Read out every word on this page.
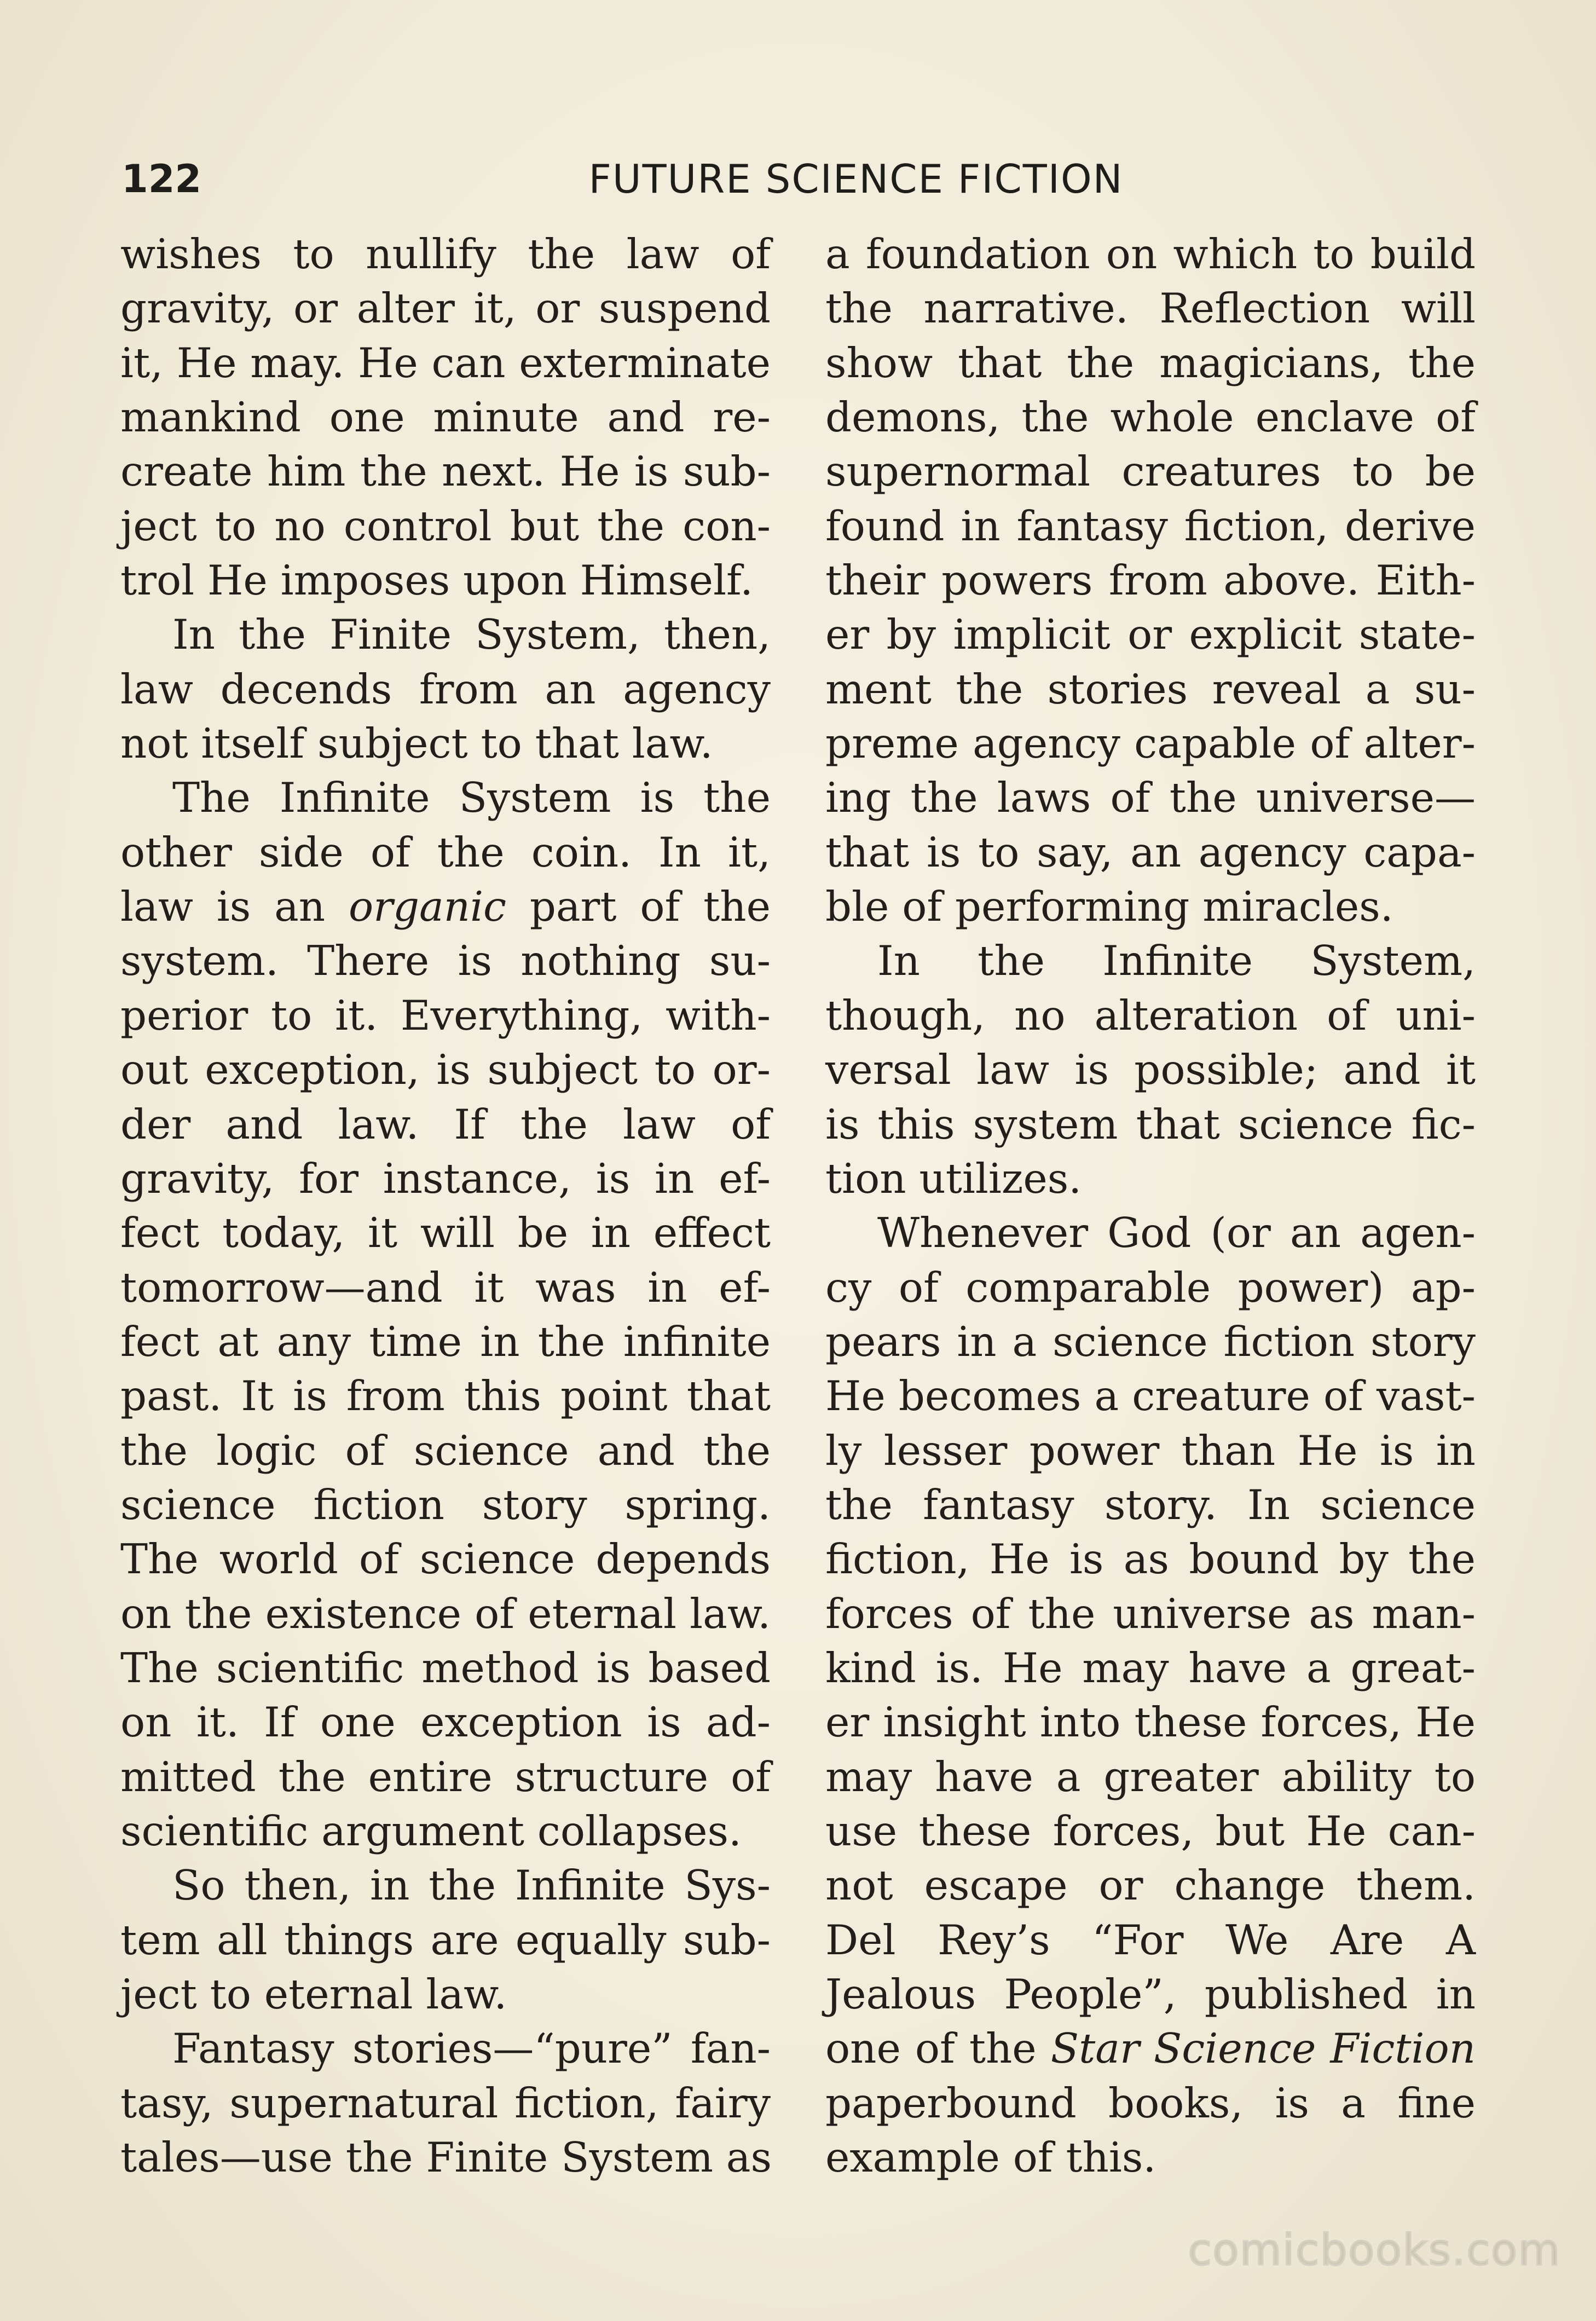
122	FUTURE SCIENCE FICTION
wishes to nullify the law of
gravity, or alter it, or suspend
it, He may. He can exterminate
mankind one minute and re-
create him the next. He is sub-
ject to no control but the con-
trol He imposes upon Himself.
In the Finite System, then,
law decends from an agency
not itself subject to that law.
The Infinite System is the
other side of the coin. In it,
law is an organic part of the
system. There is nothing su-
perior to it. Everything, with-
out exception, is subject to or-
der and law. If the law of
gravity, for instance, is in ef-
fect today, it will be in effect
tomorrow—and it was in ef-
fect at any time in the infinite
past. It is from this point that
the logic of science and the
science fiction story spring.
The world of science depends
on the existence of eternal law.
The scientific method is based
on it. If one exception is ad-
mitted the entire structure of
scientific argument collapses.
So then, in the Infinite Sys-
tem all things are equally sub-
ject to eternal law.
Fantasy stories—“pure” fan-
tasy, supernatural fiction, fairy
tales—use the Finite System as
a foundation on which to build
the narrative. Reflection will
show that the magicians, the
demons, the whole enclave of
supernormal creatures to be
found in fantasy fiction, derive
their powers from above. Eith-
er by implicit or explicit state-
ment the stories reveal a su-
preme agency capable of alter-
ing the laws of the universe—
that is to say, an agency capa-
ble of performing miracles.
In the Infinite System,
though, no alteration of uni-
versal law is possible; and it
is this system that science fic-
tion utilizes.
Whenever God (or an agen-
cy of comparable power) ap-
pears in a science fiction story
He becomes a creature of vast-
ly lesser power than He is in
the fantasy story. In science
fiction, He is as bound by the
forces of the universe as man-
kind is. He may have a great-
er insight into these forces, He
may have a greater ability to
use these forces, but He can-
not escape or change them.
Del Rey’s “For We Are A
Jealous People”, published in
one of the Star Science Fiction
paperbound books, is a fine
example of this.
comicbooks.com
